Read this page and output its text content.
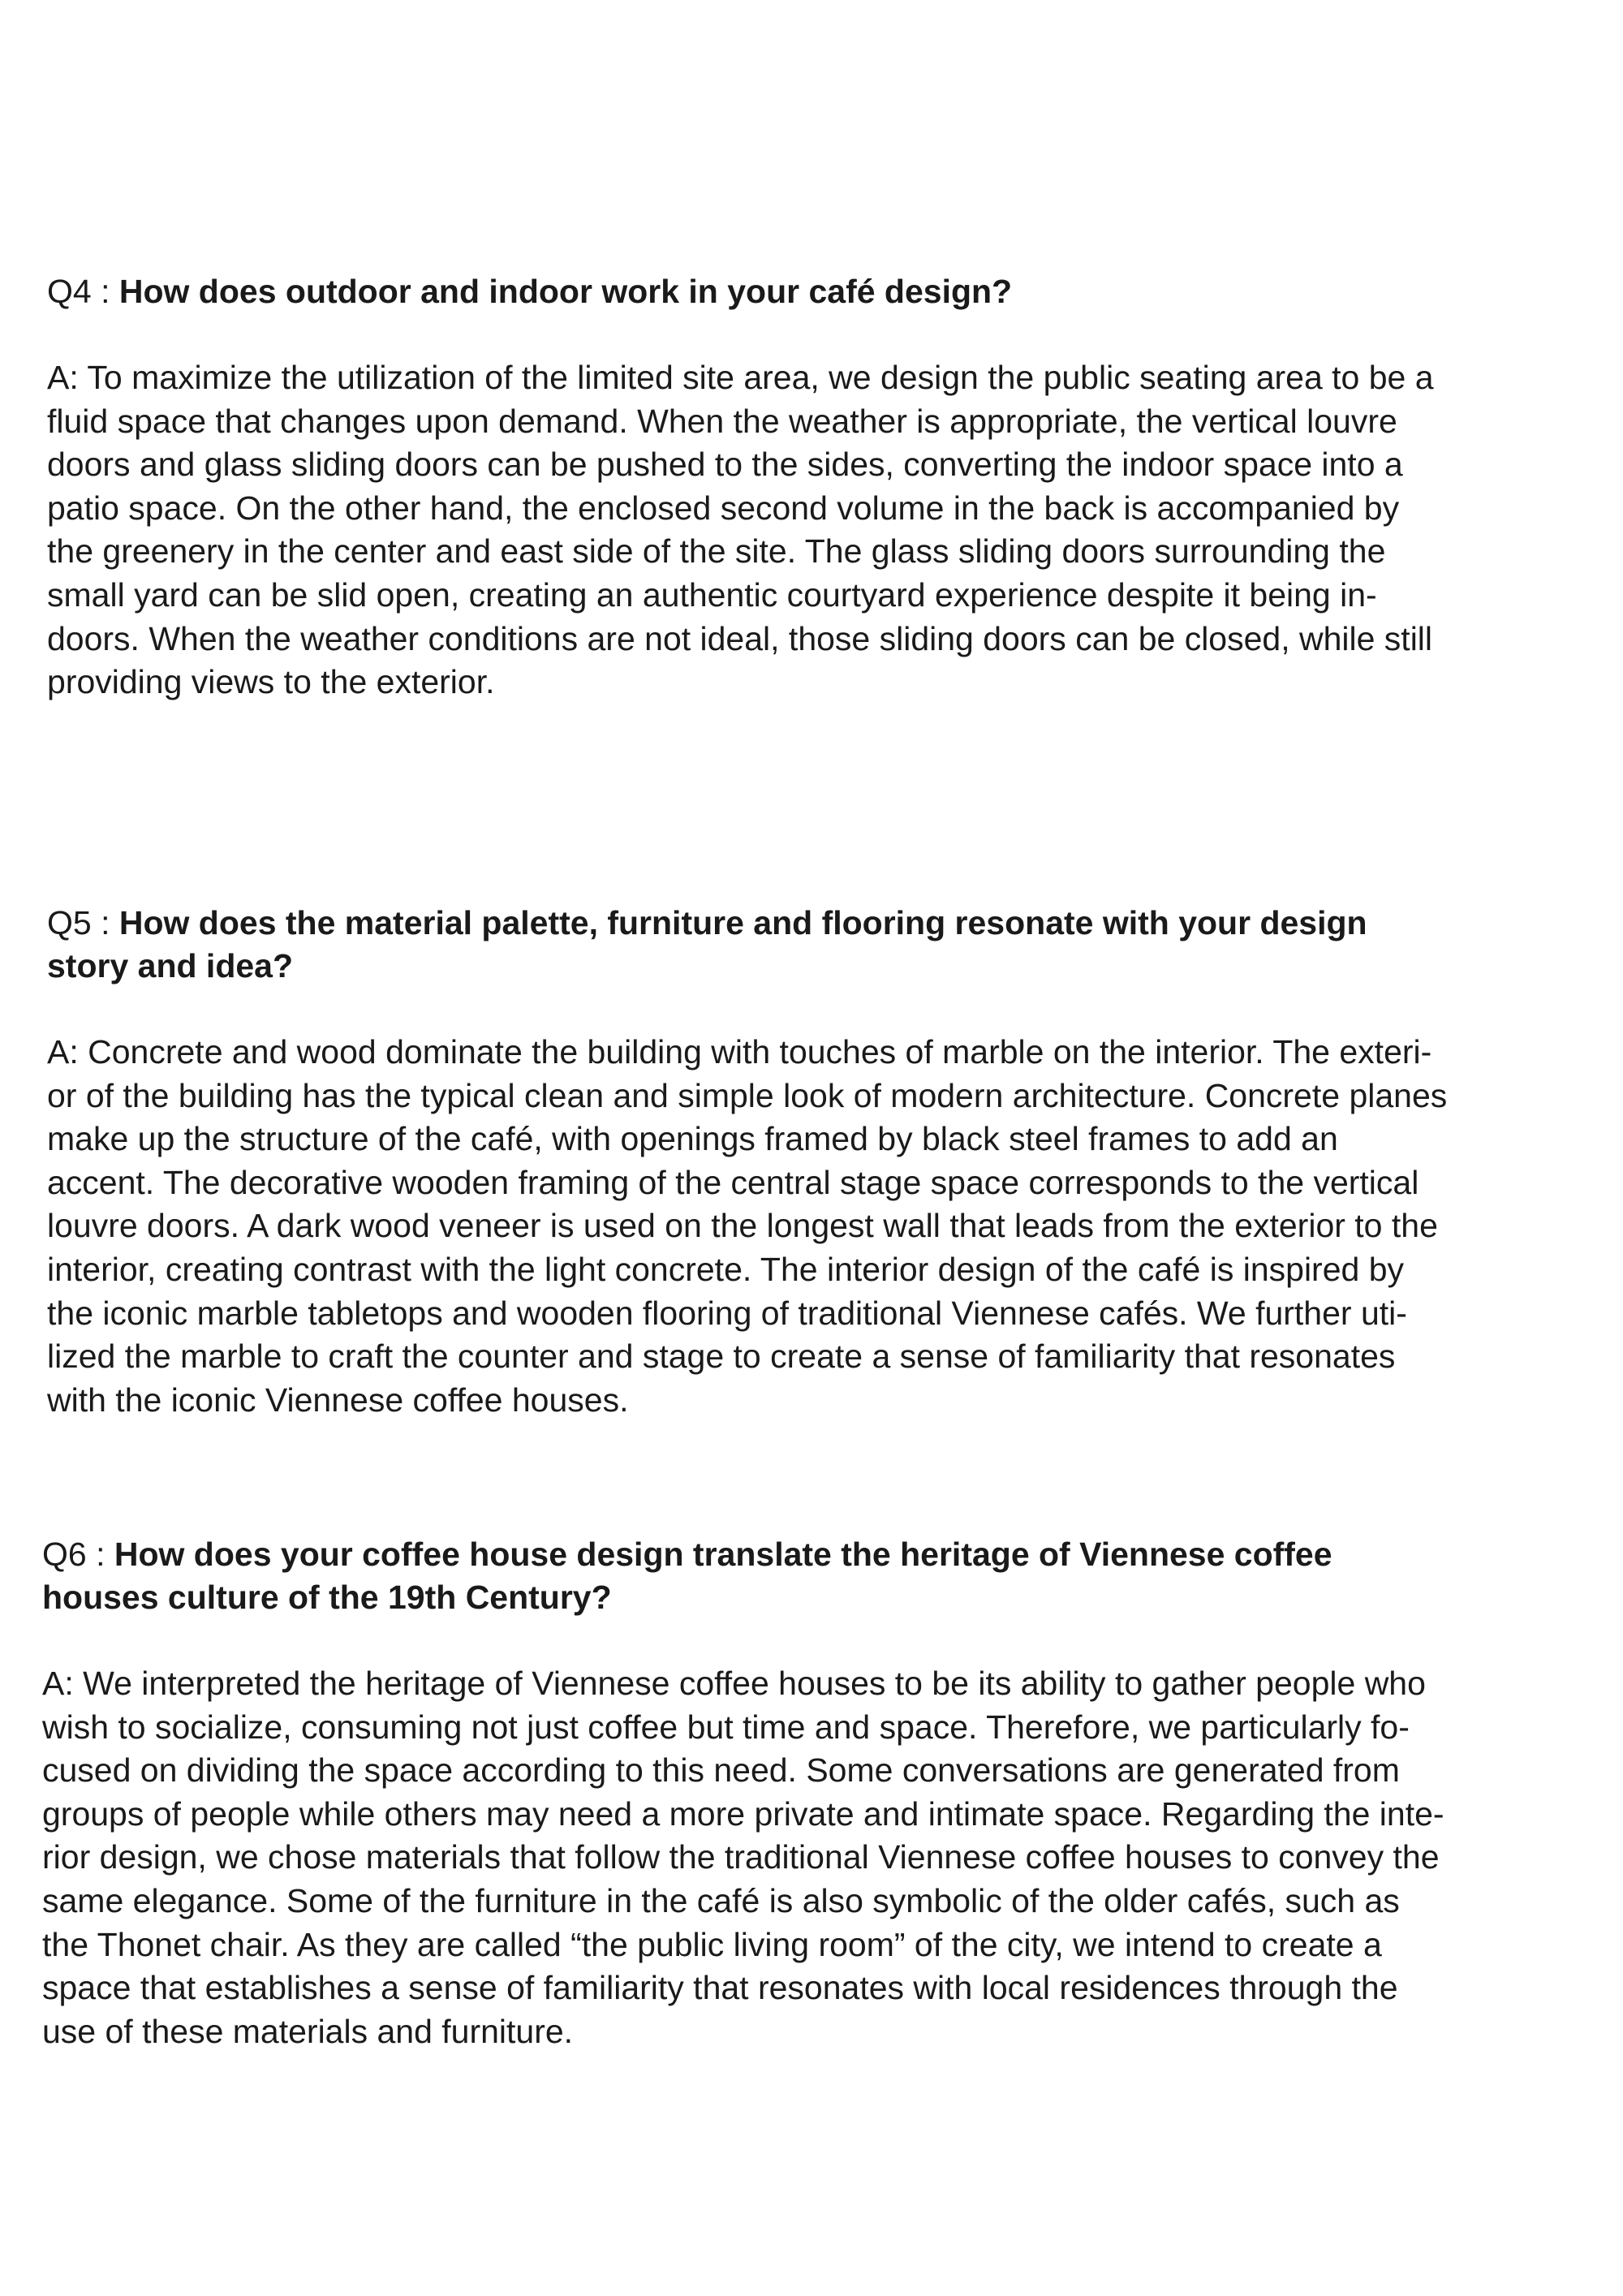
Q4 : How does outdoor and indoor work in your café design?

A: To maximize the utilization of the limited site area, we design the public seating area to be a
fluid space that changes upon demand. When the weather is appropriate, the vertical louvre
doors and glass sliding doors can be pushed to the sides, converting the indoor space into a
patio space. On the other hand, the enclosed second volume in the back is accompanied by
the greenery in the center and east side of the site. The glass sliding doors surrounding the
small yard can be slid open, creating an authentic courtyard experience despite it being in-
doors. When the weather conditions are not ideal, those sliding doors can be closed, while still
providing views to the exterior.

Q5 : How does the material palette, furniture and flooring resonate with your design
story and idea?

A: Concrete and wood dominate the building with touches of marble on the interior. The exteri-
or of the building has the typical clean and simple look of modern architecture. Concrete planes
make up the structure of the café, with openings framed by black steel frames to add an
accent. The decorative wooden framing of the central stage space corresponds to the vertical
louvre doors. A dark wood veneer is used on the longest wall that leads from the exterior to the
interior, creating contrast with the light concrete. The interior design of the café is inspired by
the iconic marble tabletops and wooden flooring of traditional Viennese cafés. We further uti-
lized the marble to craft the counter and stage to create a sense of familiarity that resonates
with the iconic Viennese coffee houses.

Q6 : How does your coffee house design translate the heritage of Viennese coffee
houses culture of the 19th Century?

A: We interpreted the heritage of Viennese coffee houses to be its ability to gather people who
wish to socialize, consuming not just coffee but time and space. Therefore, we particularly fo-
cused on dividing the space according to this need. Some conversations are generated from
groups of people while others may need a more private and intimate space. Regarding the inte-
rior design, we chose materials that follow the traditional Viennese coffee houses to convey the
same elegance. Some of the furniture in the café is also symbolic of the older cafés, such as
the Thonet chair. As they are called “the public living room” of the city, we intend to create a
space that establishes a sense of familiarity that resonates with local residences through the
use of these materials and furniture.
